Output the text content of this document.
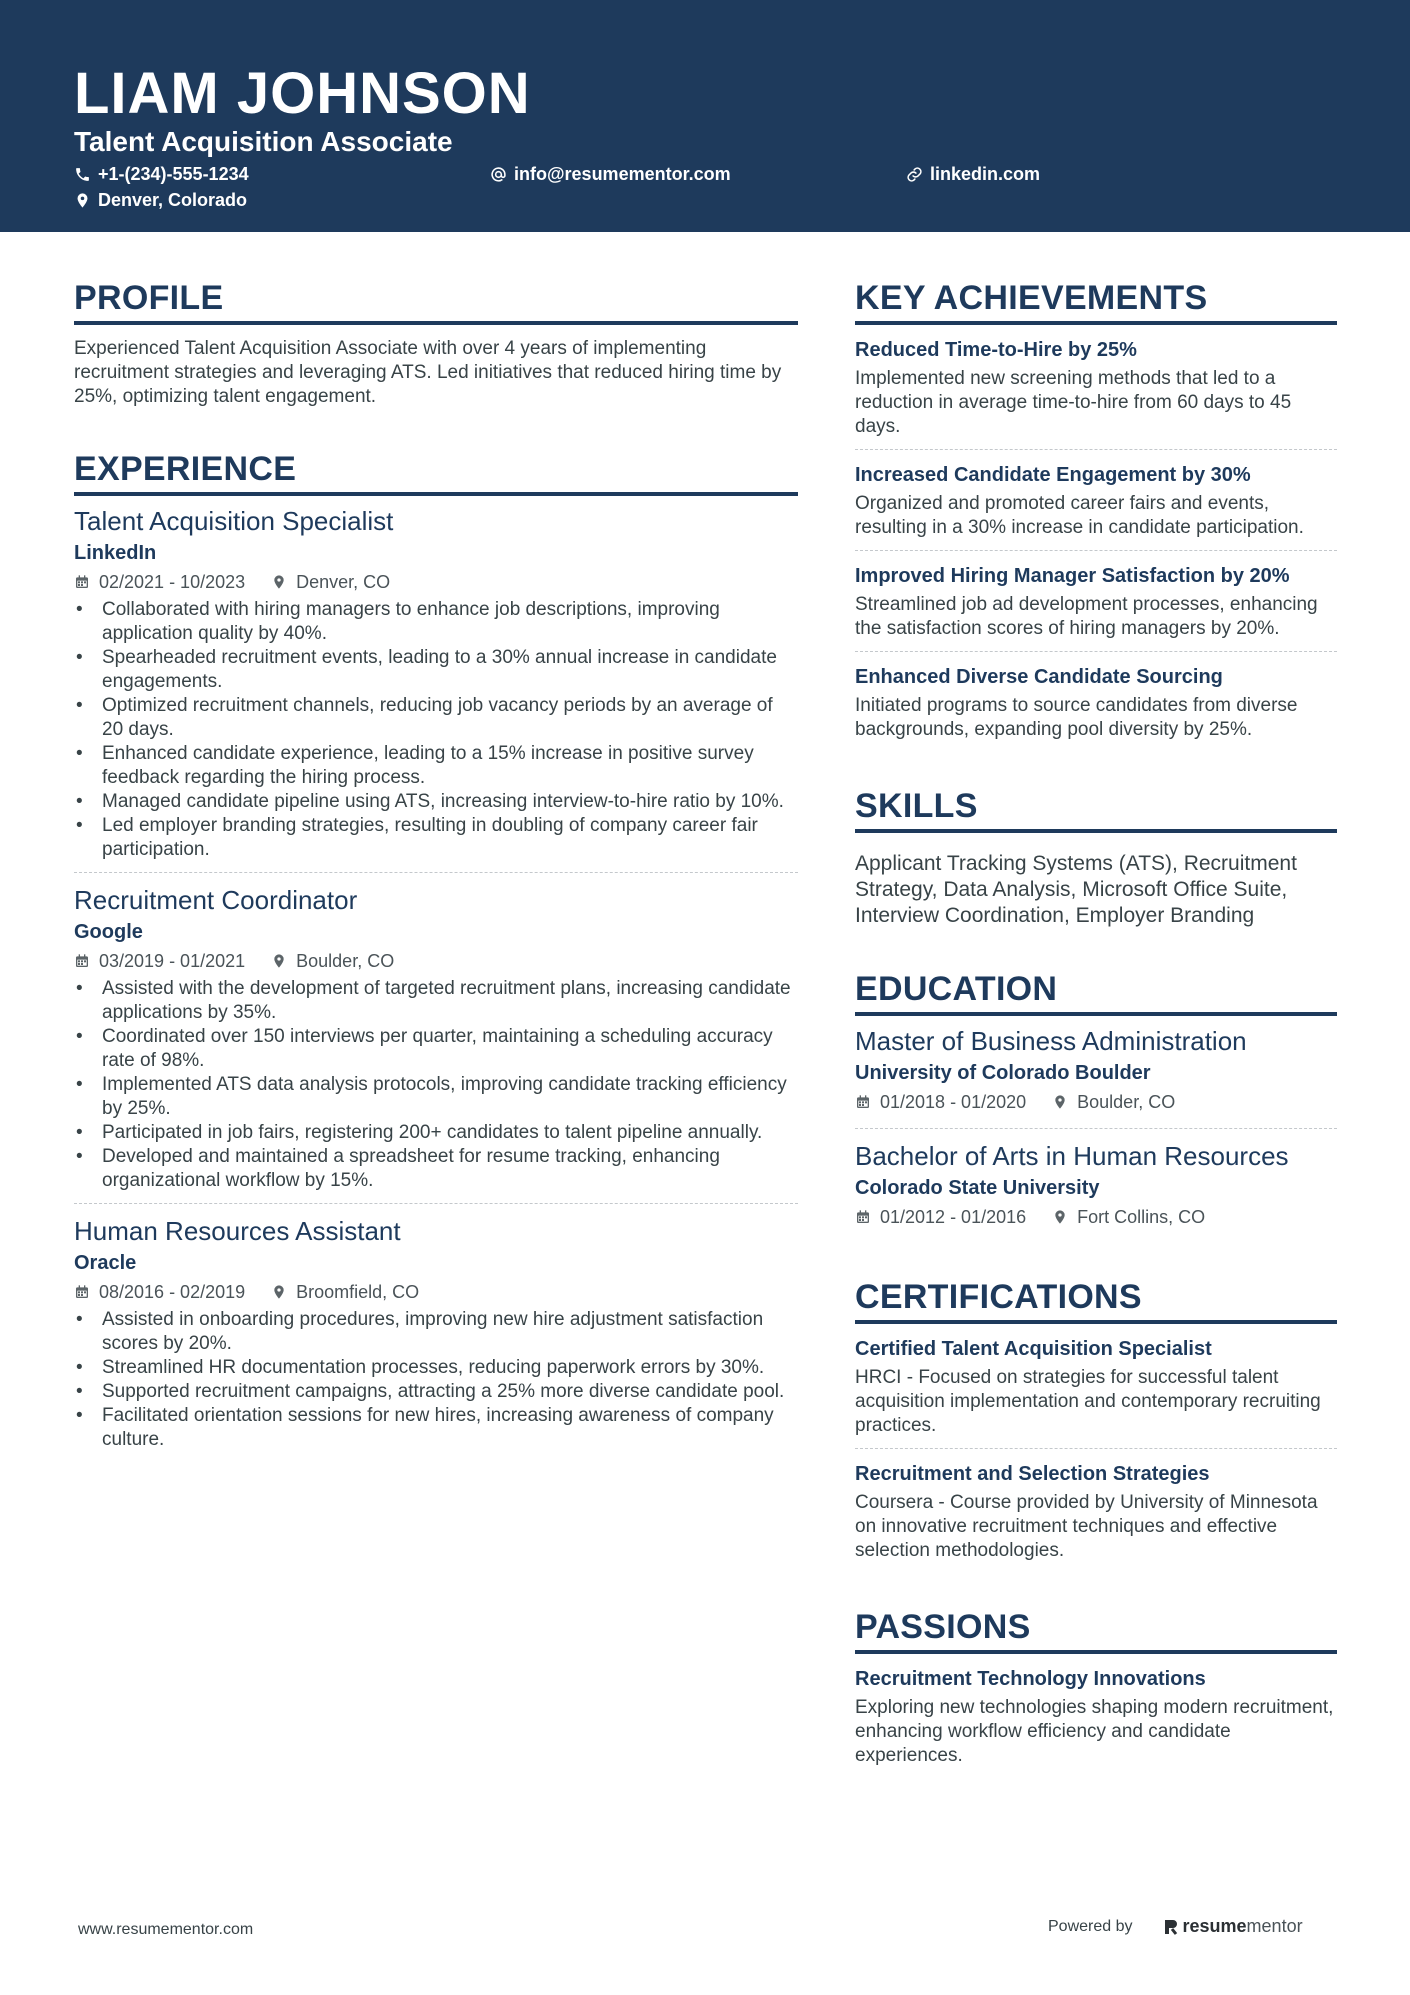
LIAM JOHNSON
Talent Acquisition Associate
+1-(234)-555-1234	info@resumementor.com	linkedin.com
Denver, Colorado
PROFILE

Experienced Talent Acquisition Associate with over 4 years of implementing recruitment strategies and leveraging ATS. Led initiatives that reduced hiring time by 25%, optimizing talent engagement.

EXPERIENCE
Talent Acquisition Specialist
LinkedIn
02/2021 - 10/2023	Denver, CO
• Collaborated with hiring managers to enhance job descriptions, improving application quality by 40%.
• Spearheaded recruitment events, leading to a 30% annual increase in candidate engagements.
• Optimized recruitment channels, reducing job vacancy periods by an average of 20 days.
• Enhanced candidate experience, leading to a 15% increase in positive survey feedback regarding the hiring process.
• Managed candidate pipeline using ATS, increasing interview-to-hire ratio by 10%.
• Led employer branding strategies, resulting in doubling of company career fair participation.
Recruitment Coordinator
Google
03/2019 - 01/2021	Boulder, CO
• Assisted with the development of targeted recruitment plans, increasing candidate applications by 35%.
• Coordinated over 150 interviews per quarter, maintaining a scheduling accuracy rate of 98%.
• Implemented ATS data analysis protocols, improving candidate tracking efficiency by 25%.
• Participated in job fairs, registering 200+ candidates to talent pipeline annually.
• Developed and maintained a spreadsheet for resume tracking, enhancing organizational workflow by 15%.
Human Resources Assistant
Oracle
08/2016 - 02/2019	Broomfield, CO
• Assisted in onboarding procedures, improving new hire adjustment satisfaction scores by 20%.
• Streamlined HR documentation processes, reducing paperwork errors by 30%.
• Supported recruitment campaigns, attracting a 25% more diverse candidate pool.
• Facilitated orientation sessions for new hires, increasing awareness of company culture.
KEY ACHIEVEMENTS
Reduced Time-to-Hire by 25%

Implemented new screening methods that led to a reduction in average time-to-hire from 60 days to 45 days.

Increased Candidate Engagement by 30%

Organized and promoted career fairs and events, resulting in a 30% increase in candidate participation.

Improved Hiring Manager Satisfaction by 20%

Streamlined job ad development processes, enhancing the satisfaction scores of hiring managers by 20%.

Enhanced Diverse Candidate Sourcing

Initiated programs to source candidates from diverse backgrounds, expanding pool diversity by 25%.

SKILLS

Applicant Tracking Systems (ATS), Recruitment Strategy, Data Analysis, Microsoft Office Suite, Interview Coordination, Employer Branding

EDUCATION
Master of Business Administration
University of Colorado Boulder
01/2018 - 01/2020	Boulder, CO
Bachelor of Arts in Human Resources
Colorado State University
01/2012 - 01/2016	Fort Collins, CO
CERTIFICATIONS
Certified Talent Acquisition Specialist

HRCI - Focused on strategies for successful talent acquisition implementation and contemporary recruiting practices.

Recruitment and Selection Strategies

Coursera - Course provided by University of Minnesota on innovative recruitment techniques and effective selection methodologies.

PASSIONS
Recruitment Technology Innovations

Exploring new technologies shaping modern recruitment, enhancing workflow efficiency and candidate experiences.

www.resumementor.com	Powered by	resume mentor
